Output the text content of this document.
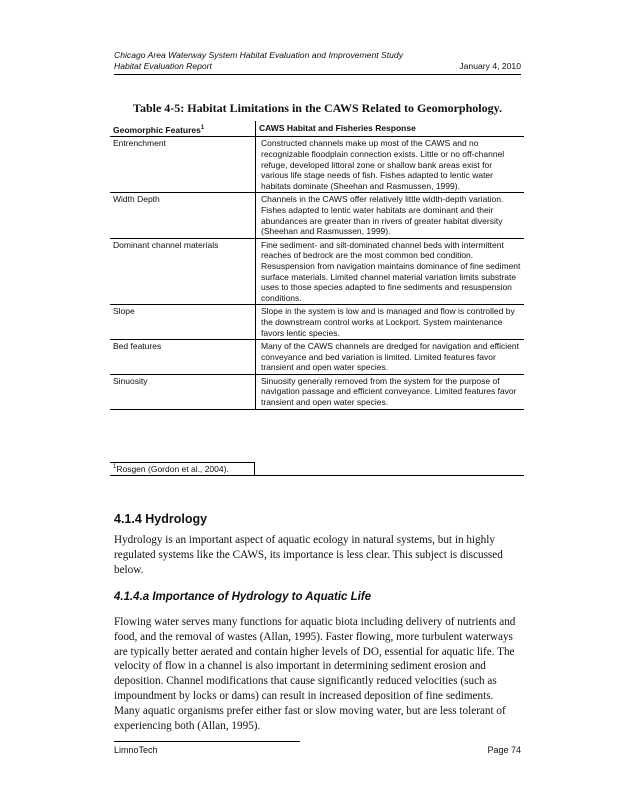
Chicago Area Waterway System Habitat Evaluation and Improvement Study
Habitat Evaluation Report	January 4, 2010
Table 4-5: Habitat Limitations in the CAWS Related to Geomorphology.
Geomorphic Features$^1$	CAWS Habitat and Fisheries Response
Entrenchment	Constructed channels make up most of the CAWS and no recognizable floodplain connection exists. Little or no off-channel refuge, developed littoral zone or shallow bank areas exist for various life stage needs of fish. Fishes adapted to lentic water habitats dominate (Sheehan and Rasmussen, 1999).
Width Depth	Channels in the CAWS offer relatively little width-depth variation. Fishes adapted to lentic water habitats are dominant and their abundances are greater than in rivers of greater habitat diversity (Sheehan and Rasmussen, 1999).
Dominant channel materials	Fine sediment- and silt-dominated channel beds with intermittent reaches of bedrock are the most common bed condition. Resuspension from navigation maintains dominance of fine sediment surface materials. Limited channel material variation limits substrate uses to those species adapted to fine sediments and resuspension conditions.
Slope	Slope in the system is low and is managed and flow is controlled by the downstream control works at Lockport. System maintenance favors lentic species.
Bed features	Many of the CAWS channels are dredged for navigation and efficient conveyance and bed variation is limited. Limited features favor transient and open water species.
Sinuosity	Sinuosity generally removed from the system for the purpose of navigation passage and efficient conveyance. Limited features favor transient and open water species.
$^1$Rosgen (Gordon et al., 2004).
4.1.4 Hydrology

Hydrology is an important aspect of aquatic ecology in natural systems, but in highly regulated systems like the CAWS, its importance is less clear. This subject is discussed below.

4.1.4.a Importance of Hydrology to Aquatic Life

Flowing water serves many functions for aquatic biota including delivery of nutrients and food, and the removal of wastes (Allan, 1995). Faster flowing, more turbulent waterways are typically better aerated and contain higher levels of DO, essential for aquatic life. The velocity of flow in a channel is also important in determining sediment erosion and deposition. Channel modifications that cause significantly reduced velocities (such as impoundment by locks or dams) can result in increased deposition of fine sediments. Many aquatic organisms prefer either fast or slow moving water, but are less tolerant of experiencing both (Allan, 1995).

LimnoTech	Page 74
